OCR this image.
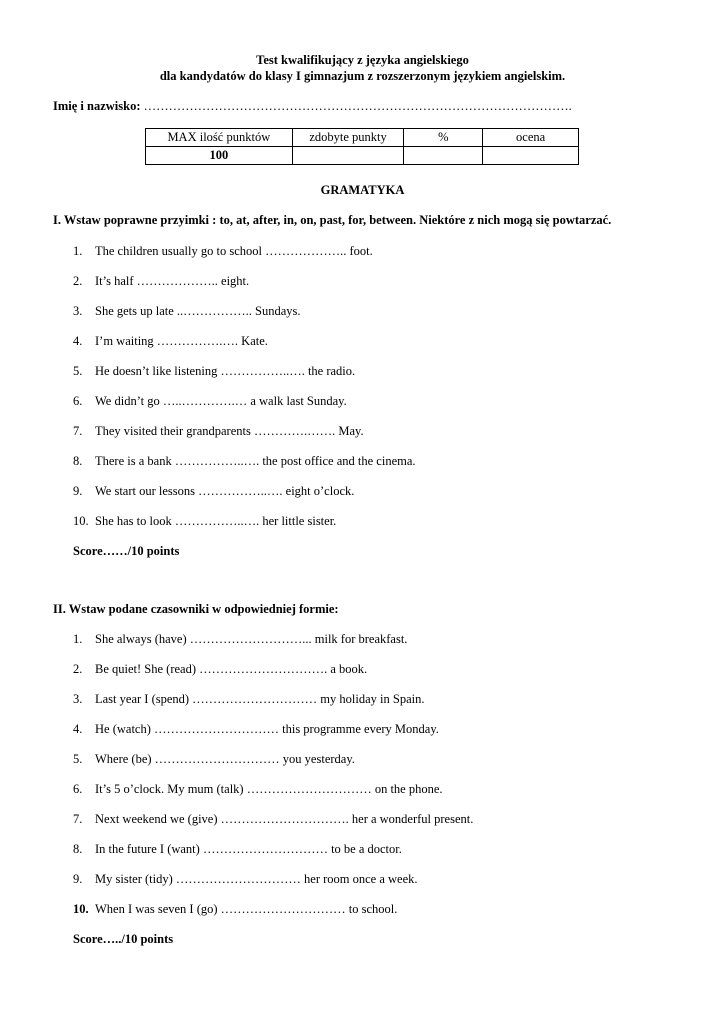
Test kwalifikujący z języka angielskiego
dla kandydatów do klasy I gimnazjum z rozszerzonym językiem angielskim.
Imię i nazwisko: ………………………………………………………………………………………….
MAX ilość punktów	zdobyte punkty	%	ocena
100			
GRAMATYKA
I. Wstaw poprawne przyimki : to, at, after, in, on, past, for, between. Niektóre z nich mogą się powtarzać.
1. The children usually go to school ……………….. foot.
2. It’s half ……………….. eight.
3. She gets up late ..…………….. Sundays.
4. I’m waiting …………….…. Kate.
5. He doesn’t like listening ……………..…. the radio.
6. We didn’t go …..………….… a walk last Sunday.
7. They visited their grandparents ………….……. May.
8. There is a bank ……………..…. the post office and the cinema.
9. We start our lessons ……………..…. eight o’clock.
10. She has to look ……………..…. her little sister.
Score……/10 points
II. Wstaw podane czasowniki w odpowiedniej formie:
1. She always (have) ………………………... milk for breakfast.
2. Be quiet! She (read) …………………………. a book.
3. Last year I (spend) ………………………… my holiday in Spain.
4. He (watch) ………………………… this programme every Monday.
5. Where (be) ………………………… you yesterday.
6. It’s 5 o’clock. My mum (talk) ………………………… on the phone.
7. Next weekend we (give) …………………………. her a wonderful present.
8. In the future I (want) ………………………… to be a doctor.
9. My sister (tidy) ………………………… her room once a week.
10. When I was seven I (go) ………………………… to school.
Score…../10 points
